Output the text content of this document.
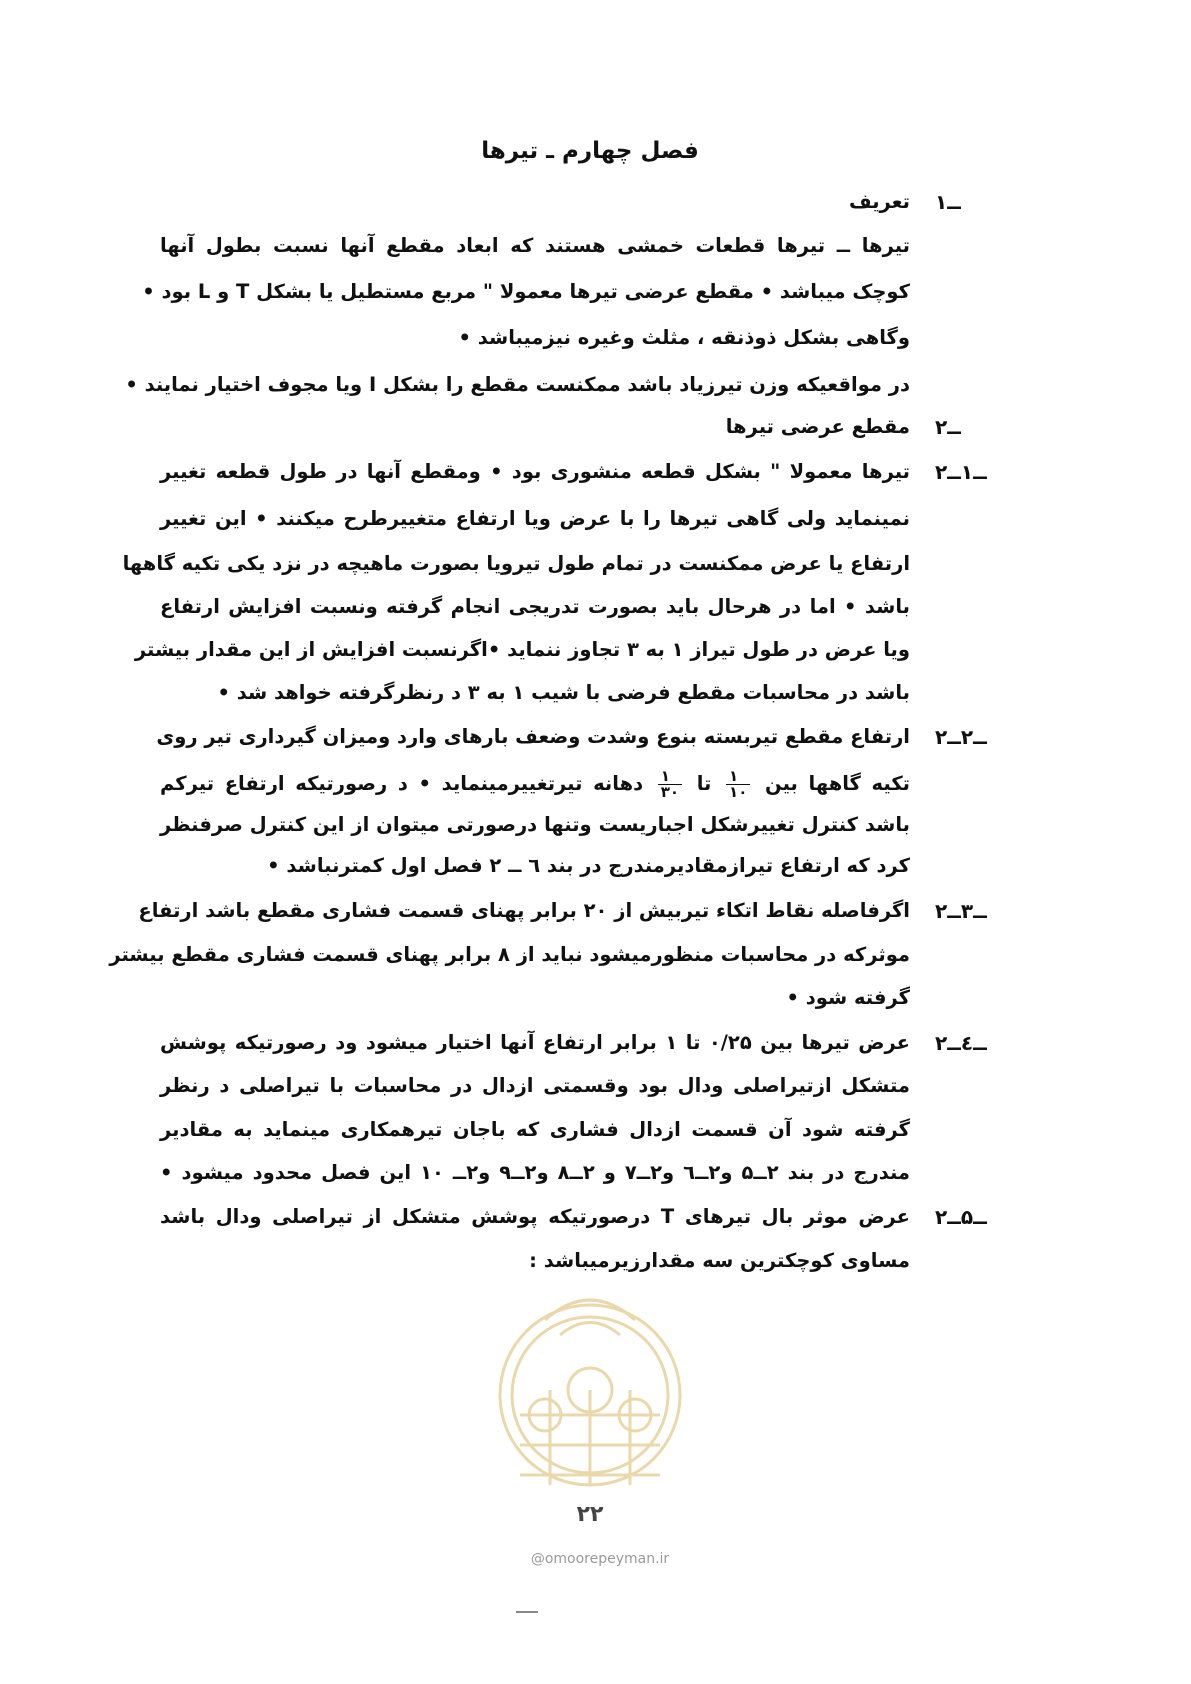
فصل چهارم ـ تیرها
۱ــ
تعریف
تیرها ــ تیرها قطعات خمشی هستند که ابعاد مقطع آنها نسبت بطول آنها
کوچک میباشد • مقطع عرضی تیرها معمولا " مربع مستطیل یا بشکل T و L بود •
وگاهی بشکل ذوذنقه ، مثلث وغیره نیزمیباشد •
در مواقعیکه وزن تیرزیاد باشد ممکنست مقطع را بشکل I ویا مجوف اختیار نمایند •
۲ــ
مقطع عرضی تیرها
۲ــ۱ــ
تیرها معمولا " بشکل قطعه منشوری بود • ومقطع آنها در طول قطعه تغییر
نمینماید ولی گاهی تیرها را با عرض ویا ارتفاع متغییرطرح میکنند • این تغییر
ارتفاع یا عرض ممکنست در تمام طول تیرویا بصورت ماهیچه در نزد یکی تکیه گاهها
باشد • اما در هرحال باید بصورت تدریجی انجام گرفته ونسبت افزایش ارتفاع
ویا عرض در طول تیراز ۱ به ۳ تجاوز ننماید •اگرنسبت افزایش از این مقدار بیشتر
باشد در محاسبات مقطع فرضی با شیب ۱ به ۳ د رنظرگرفته خواهد شد •
۲ــ۲ــ
ارتفاع مقطع تیربسته بنوع وشدت وضعف بارهای وارد ومیزان گیرداری تیر روی
تکیه گاهها بین
$\frac{۱}{۱۰}$
تا
$\frac{۱}{۳۰}$
دهانه تیرتغییرمینماید • د رصورتیکه ارتفاع تیرکم
باشد کنترل تغییرشکل اجباریست وتنها درصورتی میتوان از این کنترل صرفنظر
کرد که ارتفاع تیرازمقادیرمندرج در بند ٦ ــ ۲ فصل اول کمترنباشد •
۲ــ۳ــ
اگرفاصله نقاط اتکاء تیربیش از ۲۰ برابر پهنای قسمت فشاری مقطع باشد ارتفاع
موثرکه در محاسبات منظورمیشود نباید از ۸ برابر پهنای قسمت فشاری مقطع بیشتر
گرفته شود •
۲ــ٤ــ
عرض تیرها بین ۰/۲۵ تا ۱ برابر ارتفاع آنها اختیار میشود ود رصورتیکه پوشش
متشکل ازتیراصلی ودال بود وقسمتی ازدال در محاسبات با تیراصلی د رنظر
گرفته شود آن قسمت ازدال فشاری که باجان تیرهمکاری مینماید به مقادیر
مندرج در بند ۲ــ۵ و۲ــ٦ و۲ــ۷ و ۲ــ۸ و۲ــ۹ و۲ــ ۱۰ این فصل محدود میشود •
۲ــ۵ــ
عرض موثر بال تیرهای T درصورتیکه پوشش متشکل از تیراصلی ودال باشد
مساوی کوچکترین سه مقدارزیرمیباشد :
۲۲
@omoorepeyman.ir
